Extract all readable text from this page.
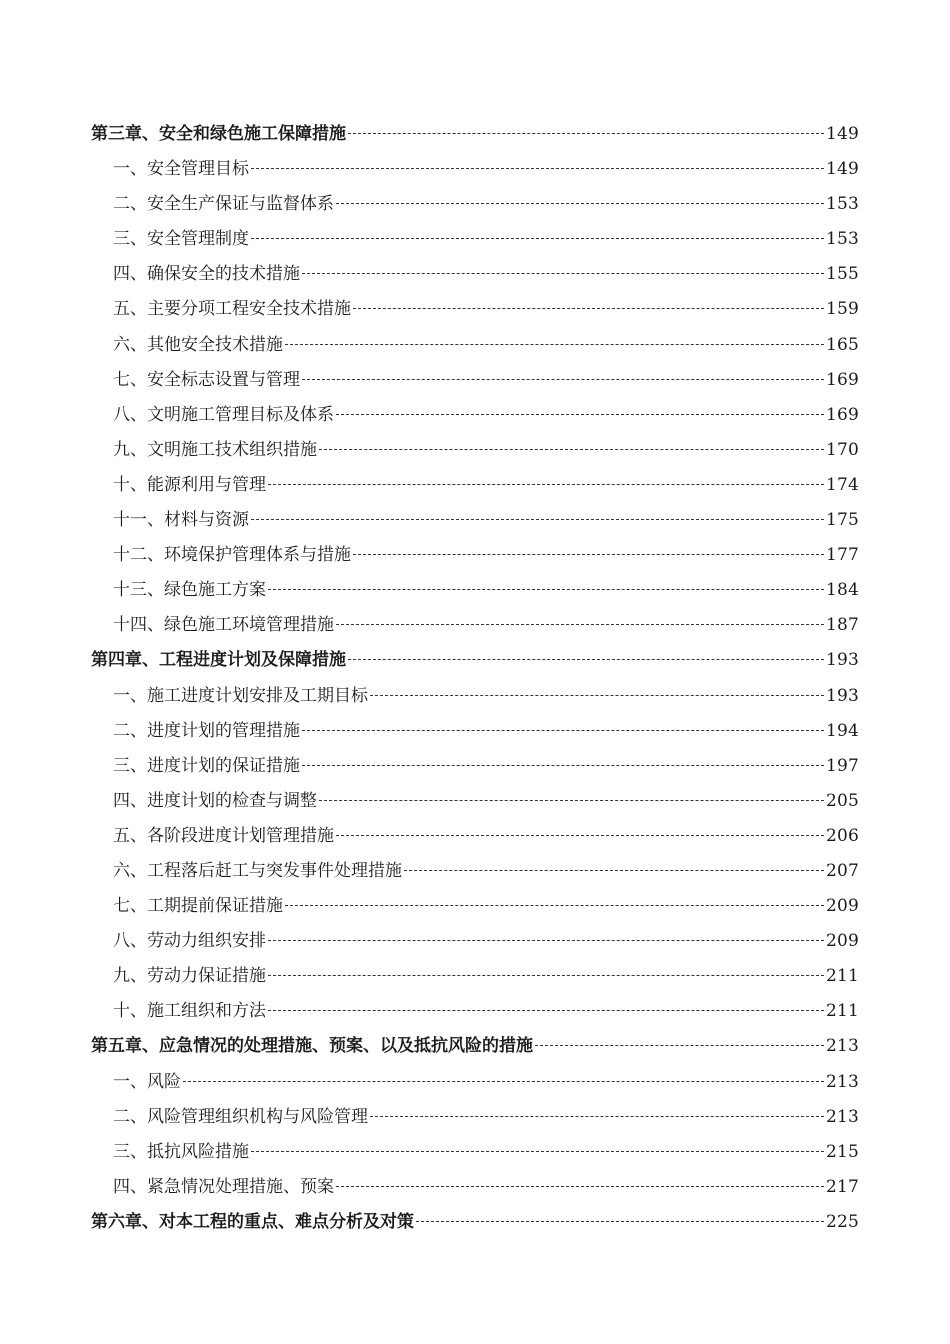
第三章、安全和绿色施工保障措施	149
一、安全管理目标	149
二、安全生产保证与监督体系	153
三、安全管理制度	153
四、确保安全的技术措施	155
五、主要分项工程安全技术措施	159
六、其他安全技术措施	165
七、安全标志设置与管理	169
八、文明施工管理目标及体系	169
九、文明施工技术组织措施	170
十、能源利用与管理	174
十一、材料与资源	175
十二、环境保护管理体系与措施	177
十三、绿色施工方案	184
十四、绿色施工环境管理措施	187
第四章、工程进度计划及保障措施	193
一、施工进度计划安排及工期目标	193
二、进度计划的管理措施	194
三、进度计划的保证措施	197
四、进度计划的检查与调整	205
五、各阶段进度计划管理措施	206
六、工程落后赶工与突发事件处理措施	207
七、工期提前保证措施	209
八、劳动力组织安排	209
九、劳动力保证措施	211
十、施工组织和方法	211
第五章、应急情况的处理措施、预案、以及抵抗风险的措施	213
一、风险	213
二、风险管理组织机构与风险管理	213
三、抵抗风险措施	215
四、紧急情况处理措施、预案	217
第六章、对本工程的重点、难点分析及对策	225
